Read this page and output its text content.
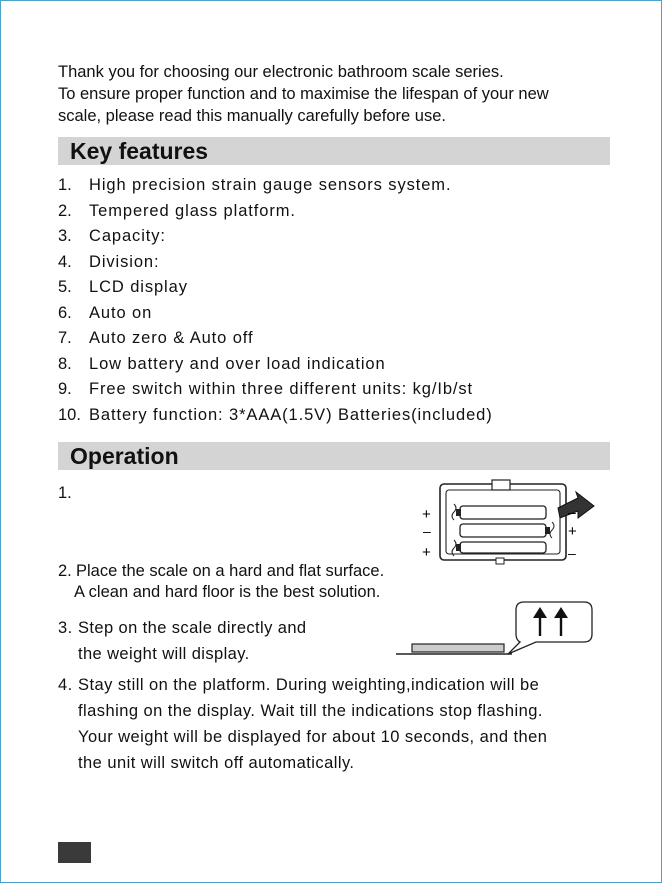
Thank you for choosing our electronic bathroom scale series.
To ensure proper function and to maximise the lifespan of your new
scale, please read this manually carefully before use.
Key features
1. High precision strain gauge sensors system.
2. Tempered glass platform.
3. Capacity:
4. Division:
5. LCD display
6. Auto on
7. Auto zero & Auto off
8. Low battery and over load indication
9. Free switch within three different units: kg/Ib/st
10. Battery function: 3*AAA(1.5V) Batteries(included)
Operation
1.
+
–
+
–
+
–
2. Place the scale on a hard and flat surface.
A clean and hard floor is the best solution.
3. Step on the scale directly and
the weight will display.
4. Stay still on the platform. During weighting,indication will be
flashing on the display. Wait till the indications stop flashing.
Your weight will be displayed for about 10 seconds, and then
the unit will switch off automatically.
